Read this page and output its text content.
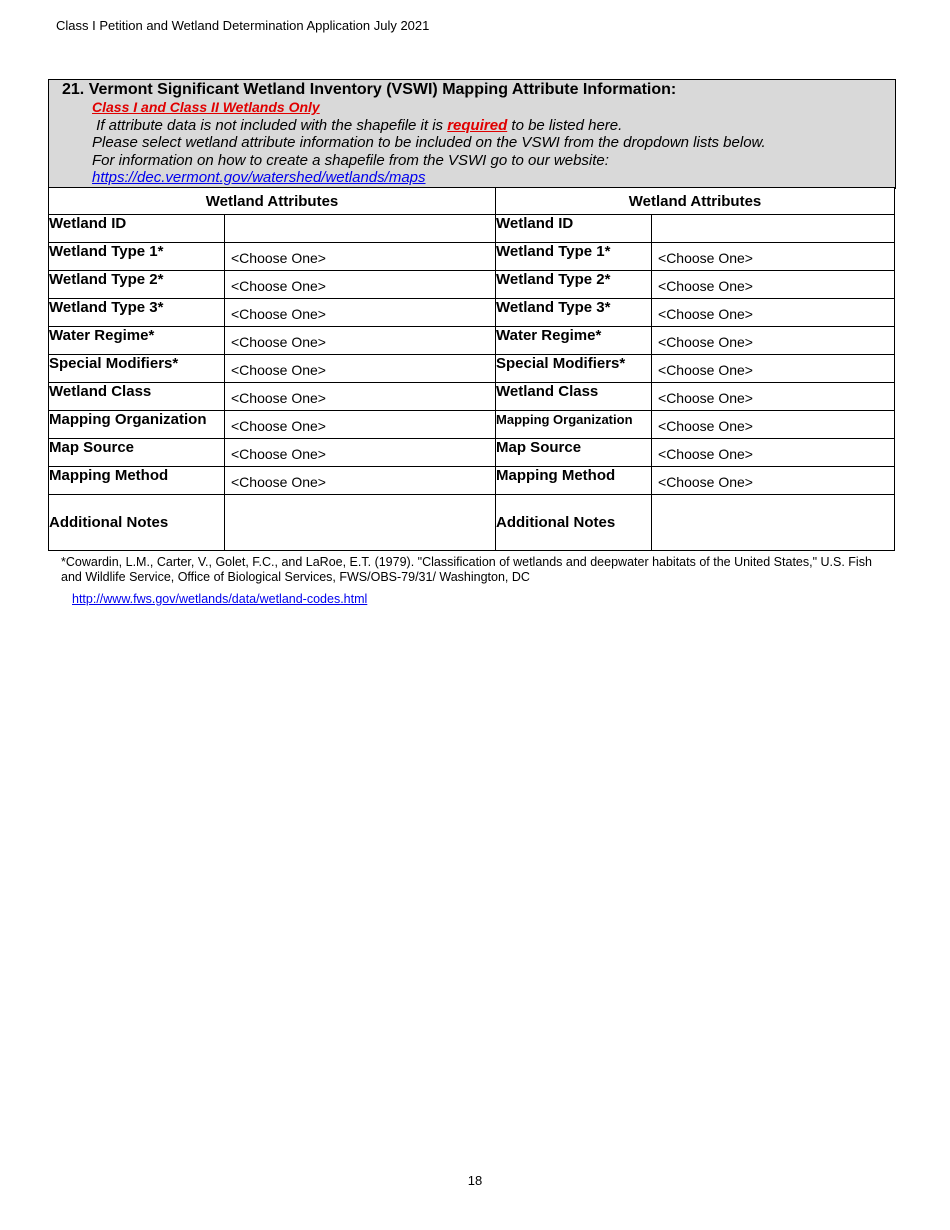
Class I Petition and Wetland Determination Application July 2021
21. Vermont Significant Wetland Inventory (VSWI) Mapping Attribute Information:
Class I and Class II Wetlands Only
If attribute data is not included with the shapefile it is required to be listed here.
Please select wetland attribute information to be included on the VSWI from the dropdown lists below.
For information on how to create a shapefile from the VSWI go to our website:
https://dec.vermont.gov/watershed/wetlands/maps
Wetland Attributes		Wetland Attributes	
Wetland ID		Wetland ID	
Wetland Type 1*	<Choose One>	Wetland Type 1*	<Choose One>
Wetland Type 2*	<Choose One>	Wetland Type 2*	<Choose One>
Wetland Type 3*	<Choose One>	Wetland Type 3*	<Choose One>
Water Regime*	<Choose One>	Water Regime*	<Choose One>
Special Modifiers*	<Choose One>	Special Modifiers*	<Choose One>
Wetland Class	<Choose One>	Wetland Class	<Choose One>
Mapping Organization	<Choose One>	Mapping Organization	<Choose One>
Map Source	<Choose One>	Map Source	<Choose One>
Mapping Method	<Choose One>	Mapping Method	<Choose One>
Additional Notes		Additional Notes	
*Cowardin, L.M., Carter, V., Golet, F.C., and LaRoe, E.T. (1979). "Classification of wetlands and deepwater habitats of the United States," U.S. Fish and Wildlife Service, Office of Biological Services, FWS/OBS-79/31/ Washington, DC
http://www.fws.gov/wetlands/data/wetland-codes.html
18
